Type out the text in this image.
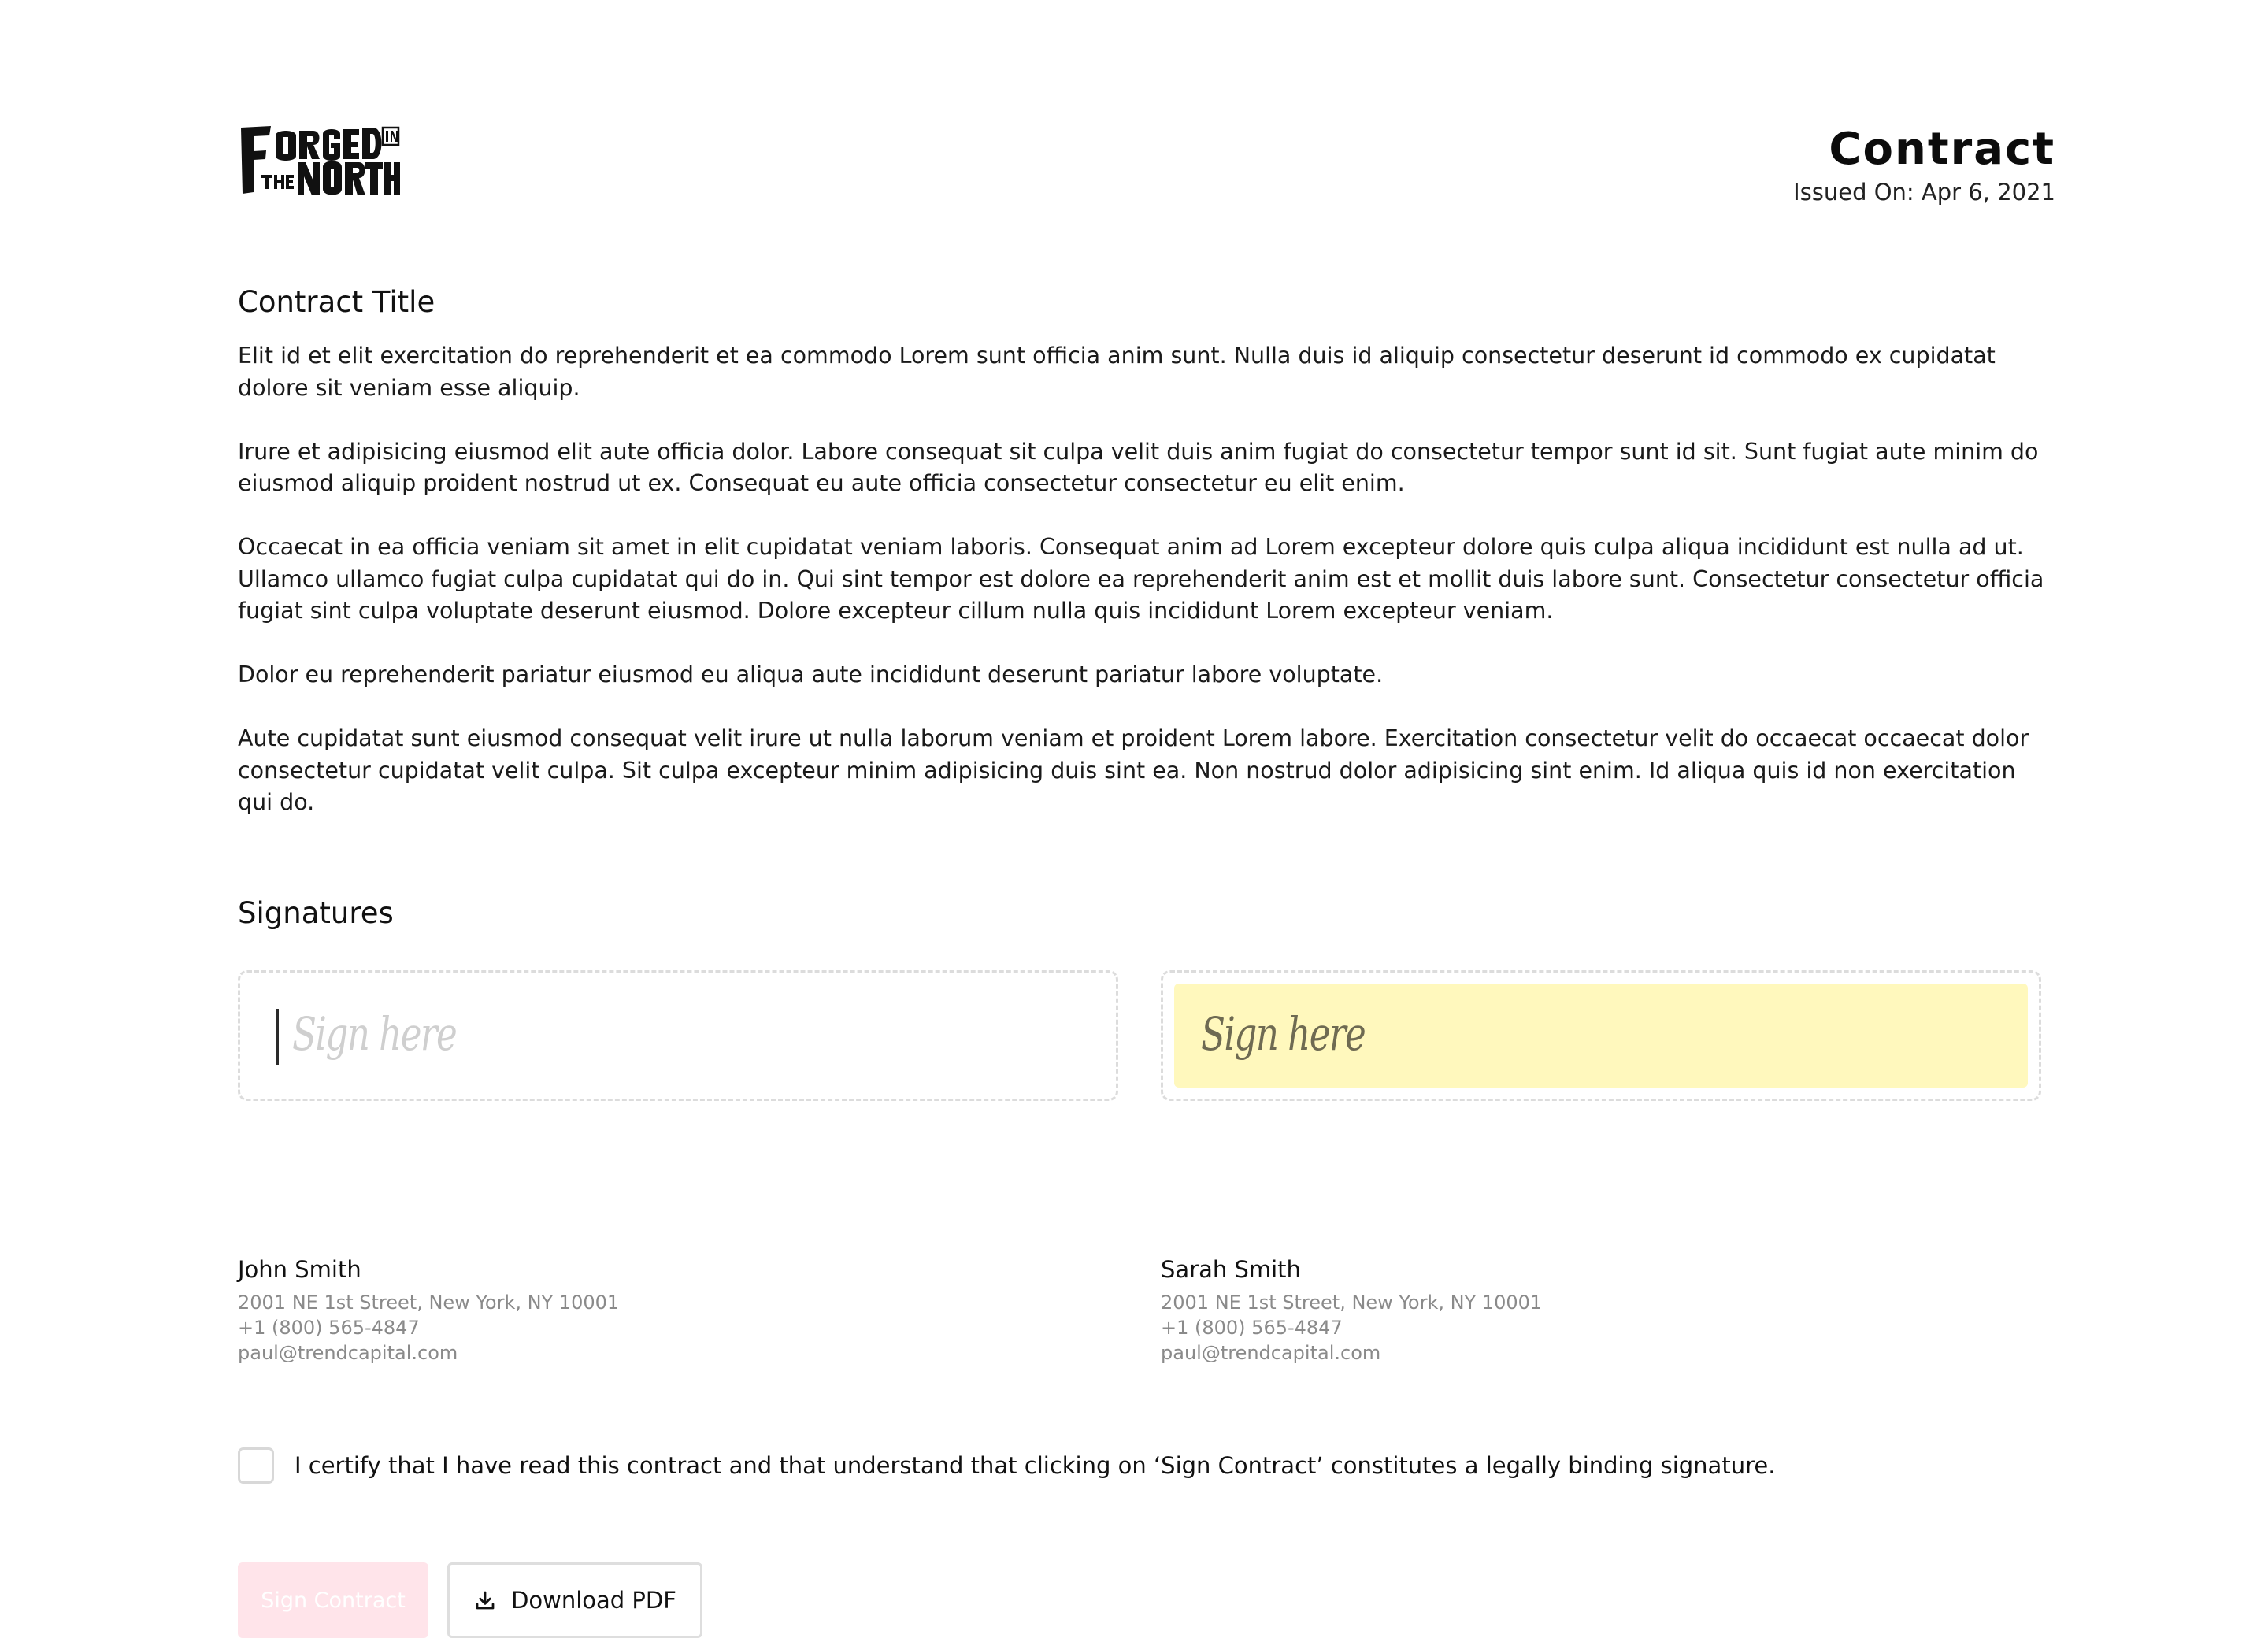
Contract
Issued On: Apr 6, 2021
Contract Title

Elit id et elit exercitation do reprehenderit et ea commodo Lorem sunt officia anim sunt. Nulla duis id aliquip consectetur deserunt id commodo ex cupidatat dolore sit veniam esse aliquip.

Irure et adipisicing eiusmod elit aute officia dolor. Labore consequat sit culpa velit duis anim fugiat do consectetur tempor sunt id sit. Sunt fugiat aute minim do eiusmod aliquip proident nostrud ut ex. Consequat eu aute officia consectetur consectetur eu elit enim.

Occaecat in ea officia veniam sit amet in elit cupidatat veniam laboris. Consequat anim ad Lorem excepteur dolore quis culpa aliqua incididunt est nulla ad ut. Ullamco ullamco fugiat culpa cupidatat qui do in. Qui sint tempor est dolore ea reprehenderit anim est et mollit duis labore sunt. Consectetur consectetur officia fugiat sint culpa voluptate deserunt eiusmod. Dolore excepteur cillum nulla quis incididunt Lorem excepteur veniam.

Dolor eu reprehenderit pariatur eiusmod eu aliqua aute incididunt deserunt pariatur labore voluptate.

Aute cupidatat sunt eiusmod consequat velit irure ut nulla laborum veniam et proident Lorem labore. Exercitation consectetur velit do occaecat occaecat dolor consectetur cupidatat velit culpa. Sit culpa excepteur minim adipisicing duis sint ea. Non nostrud dolor adipisicing sint enim. Id aliqua quis id non exercitation qui do.

Signatures
Sign here	Sign here
John Smith
2001 NE 1st Street, New York, NY 10001
+1 (800) 565-4847
paul@trendcapital.com
Sarah Smith
2001 NE 1st Street, New York, NY 10001
+1 (800) 565-4847
paul@trendcapital.com
I certify that I have read this contract and that understand that clicking on ‘Sign Contract’ constitutes a legally binding signature.
Sign Contract	Download PDF
